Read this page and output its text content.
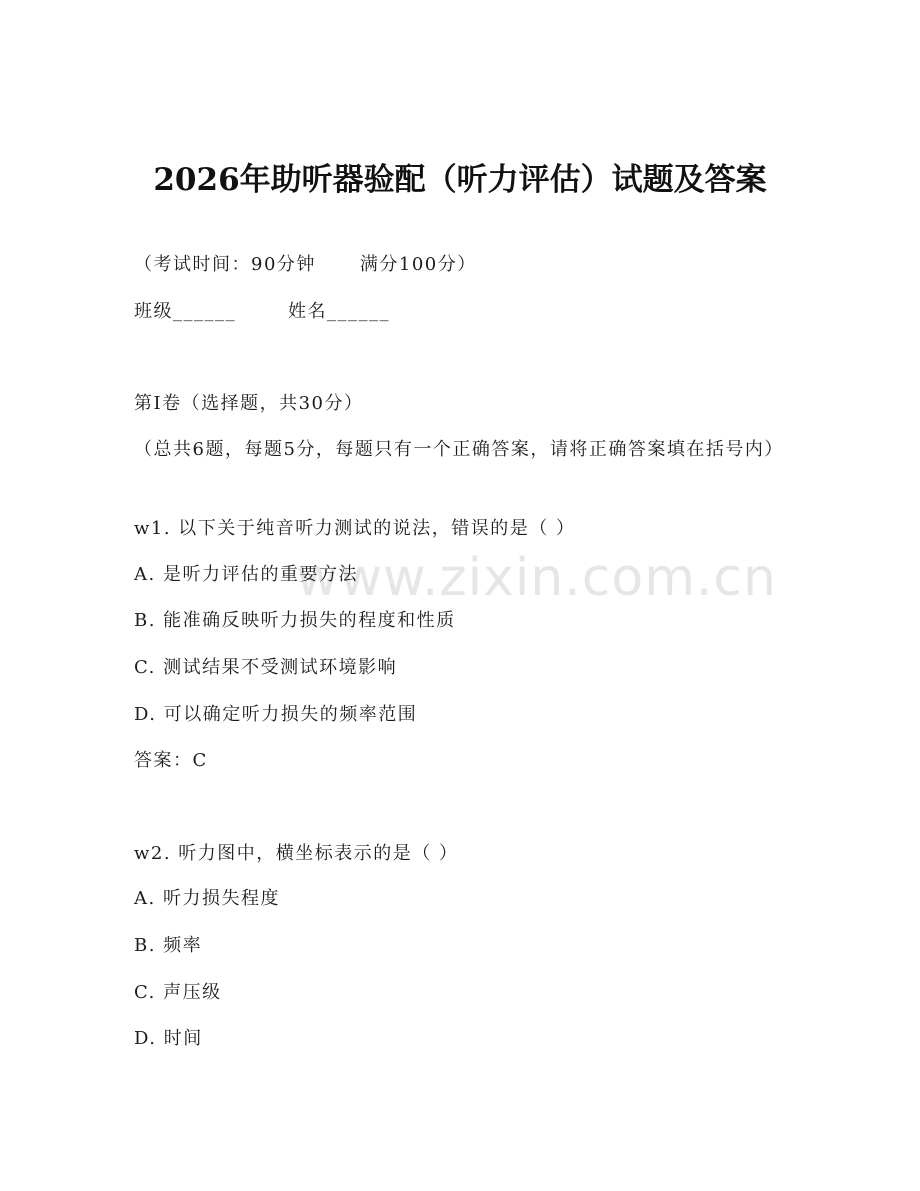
www.zixin.com.cn
2026年助听器验配（听力评估）试题及答案
（考试时间：90分钟 满分100分）
班级______	姓名______
第I卷（选择题，共30分）
（总共6题，每题5分，每题只有一个正确答案，请将正确答案填在括号内）
w1. 以下关于纯音听力测试的说法，错误的是（ ）
A. 是听力评估的重要方法
B. 能准确反映听力损失的程度和性质
C. 测试结果不受测试环境影响
D. 可以确定听力损失的频率范围
答案：C
w2. 听力图中，横坐标表示的是（ ）
A. 听力损失程度
B. 频率
C. 声压级
D. 时间
